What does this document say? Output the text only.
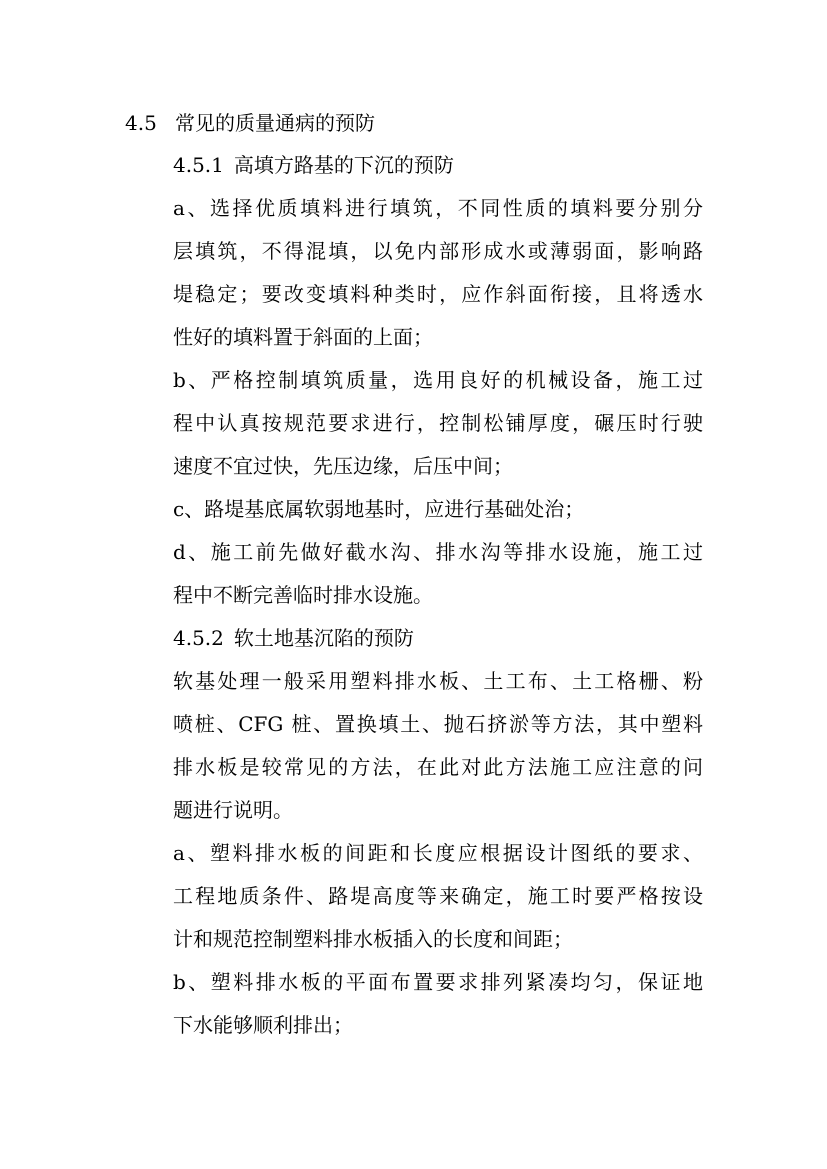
4.5 常见的质量通病的预防
4.5.1 高填方路基的下沉的预防
a、选择优质填料进行填筑，不同性质的填料要分别分
层填筑，不得混填，以免内部形成水或薄弱面，影响路
堤稳定；要改变填料种类时，应作斜面衔接，且将透水
性好的填料置于斜面的上面；
b、严格控制填筑质量，选用良好的机械设备，施工过
程中认真按规范要求进行，控制松铺厚度，碾压时行驶
速度不宜过快，先压边缘，后压中间；
c、路堤基底属软弱地基时，应进行基础处治；
d、施工前先做好截水沟、排水沟等排水设施，施工过
程中不断完善临时排水设施。
4.5.2 软土地基沉陷的预防
软基处理一般采用塑料排水板、土工布、土工格栅、粉
喷桩、CFG 桩、置换填土、抛石挤淤等方法，其中塑料
排水板是较常见的方法，在此对此方法施工应注意的问
题进行说明。
a、塑料排水板的间距和长度应根据设计图纸的要求、
工程地质条件、路堤高度等来确定，施工时要严格按设
计和规范控制塑料排水板插入的长度和间距；
b、塑料排水板的平面布置要求排列紧凑均匀，保证地
下水能够顺利排出；
